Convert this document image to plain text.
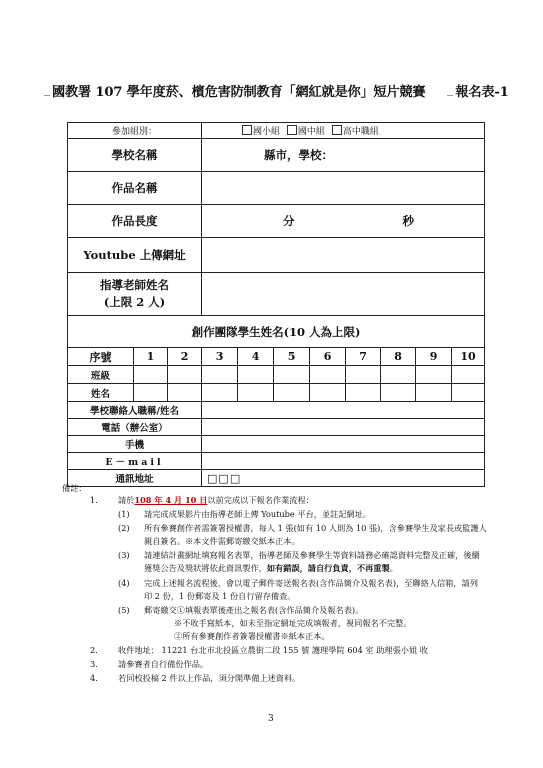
國教署 107 學年度菸、檳危害防制教育「網紅就是你」短片競賽 報名表-1
參加組別：			國小組 國中組 高中職組							
學校名稱			縣市，學校：							
作品名稱										
作品長度			分 秒							
Youtube 上傳網址										

指導老師姓名
(上限 2 人)										

創作團隊學生姓名(10 人為上限)										
序號	1	2	3	4	5	6	7	8	9	10
班級										
姓名										
學校聯絡人職稱/姓名										
電話（辦公室）										
手機										
E－mail										
通訊地址			□□□							
備註：
1. 請於108 年 4 月 10 日以前完成以下報名作業流程：
(1) 請完成成果影片由指導老師上傳 Youtube 平台，並註記網址。
(2) 所有參賽創作者需簽署授權書，每人 1 張(如有 10 人則為 10 張)，含參賽學生及家長或監護人
親自簽名。※本文件需郵寄繳交紙本正本。
(3) 請連結計畫網址填寫報名表單，指導老師及參賽學生等資料請務必確認資料完整及正確，後續
獲獎公告及獎狀將依此資訊製作，如有錯誤，請自行負責，不再重製。
(4) 完成上述報名流程後，會以電子郵件寄送報名表(含作品簡介及報名表)，至聯絡人信箱，請列
印 2 份，1 份郵寄及 1 份自行留存備查。
(5) 郵寄繳交①填報表單後產出之報名表(含作品簡介及報名表)。
※不收手寫紙本，如未至指定網址完成填報者，視同報名不完整。
②所有參賽創作者簽署授權書※紙本正本。
2. 收件地址： 11221 台北市北投區立農街二段 155 號 護理學院 604 室 助理張小姐 收
3. 請參賽者自行備份作品。
4. 若同校投稿 2 件以上作品，須分開準備上述資料。
3
